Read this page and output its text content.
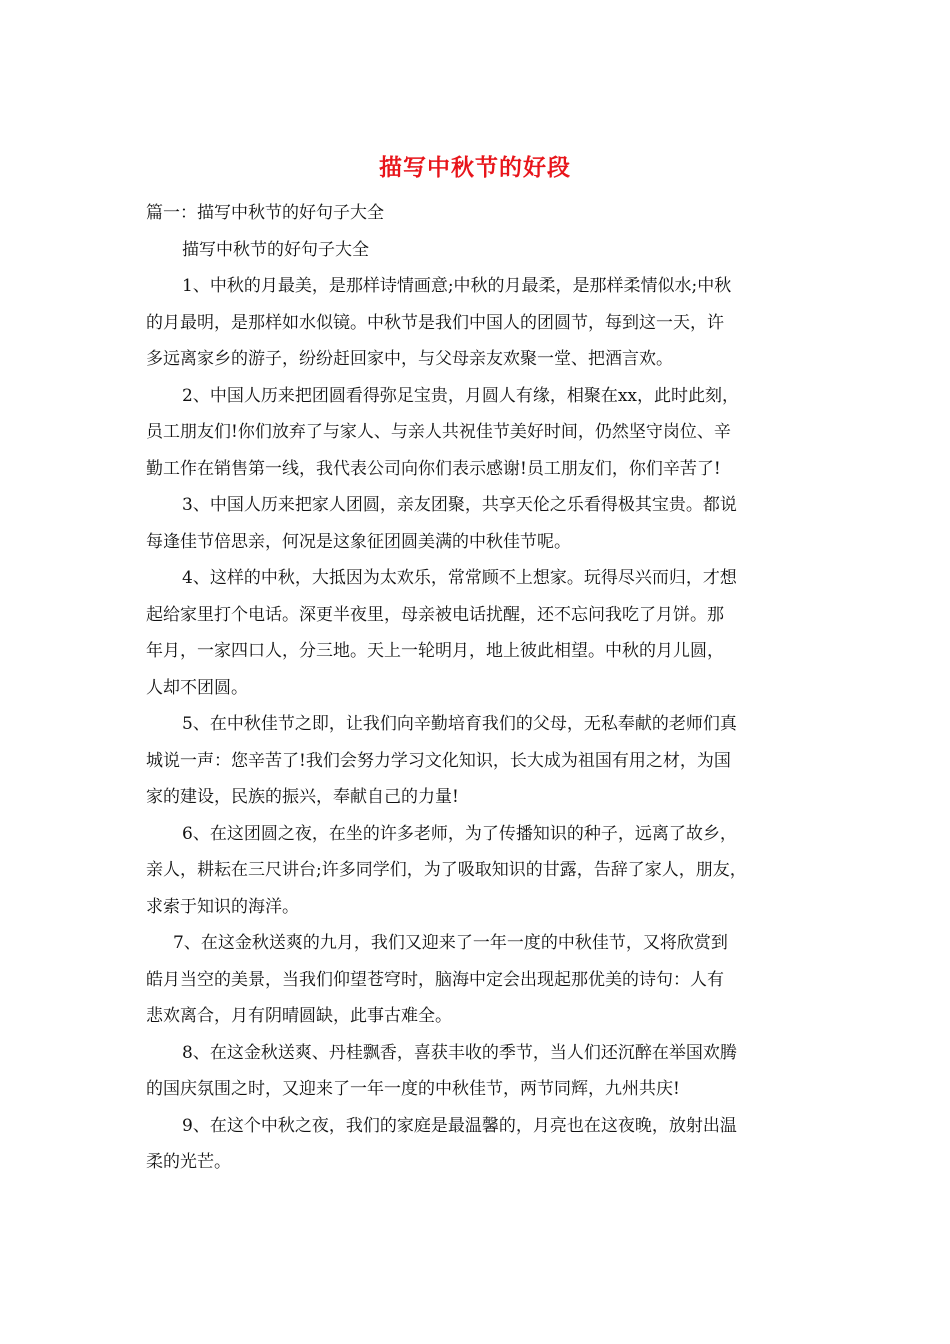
描写中秋节的好段
篇一：描写中秋节的好句子大全
描写中秋节的好句子大全
1、中秋的月最美，是那样诗情画意;中秋的月最柔，是那样柔情似水;中秋
的月最明，是那样如水似镜。中秋节是我们中国人的团圆节，每到这一天，许
多远离家乡的游子，纷纷赶回家中，与父母亲友欢聚一堂、把酒言欢。
2、中国人历来把团圆看得弥足宝贵，月圆人有缘，相聚在xx，此时此刻，
员工朋友们!你们放弃了与家人、与亲人共祝佳节美好时间，仍然坚守岗位、辛
勤工作在销售第一线，我代表公司向你们表示感谢!员工朋友们，你们辛苦了!
3、中国人历来把家人团圆，亲友团聚，共享天伦之乐看得极其宝贵。都说
每逢佳节倍思亲，何况是这象征团圆美满的中秋佳节呢。
4、这样的中秋，大抵因为太欢乐，常常顾不上想家。玩得尽兴而归，才想
起给家里打个电话。深更半夜里，母亲被电话扰醒，还不忘问我吃了月饼。那
年月，一家四口人，分三地。天上一轮明月，地上彼此相望。中秋的月儿圆，
人却不团圆。
5、在中秋佳节之即，让我们向辛勤培育我们的父母，无私奉献的老师们真
城说一声：您辛苦了!我们会努力学习文化知识，长大成为祖国有用之材，为国
家的建设，民族的振兴，奉献自己的力量!
6、在这团圆之夜，在坐的许多老师，为了传播知识的种子，远离了故乡，
亲人，耕耘在三尺讲台;许多同学们，为了吸取知识的甘露，告辞了家人，朋友，
求索于知识的海洋。
7、在这金秋送爽的九月，我们又迎来了一年一度的中秋佳节，又将欣赏到
皓月当空的美景，当我们仰望苍穹时，脑海中定会出现起那优美的诗句：人有
悲欢离合，月有阴晴圆缺，此事古难全。
8、在这金秋送爽、丹桂飘香，喜获丰收的季节，当人们还沉醉在举国欢腾
的国庆氛围之时，又迎来了一年一度的中秋佳节，两节同辉，九州共庆!
9、在这个中秋之夜，我们的家庭是最温馨的，月亮也在这夜晚，放射出温
柔的光芒。
